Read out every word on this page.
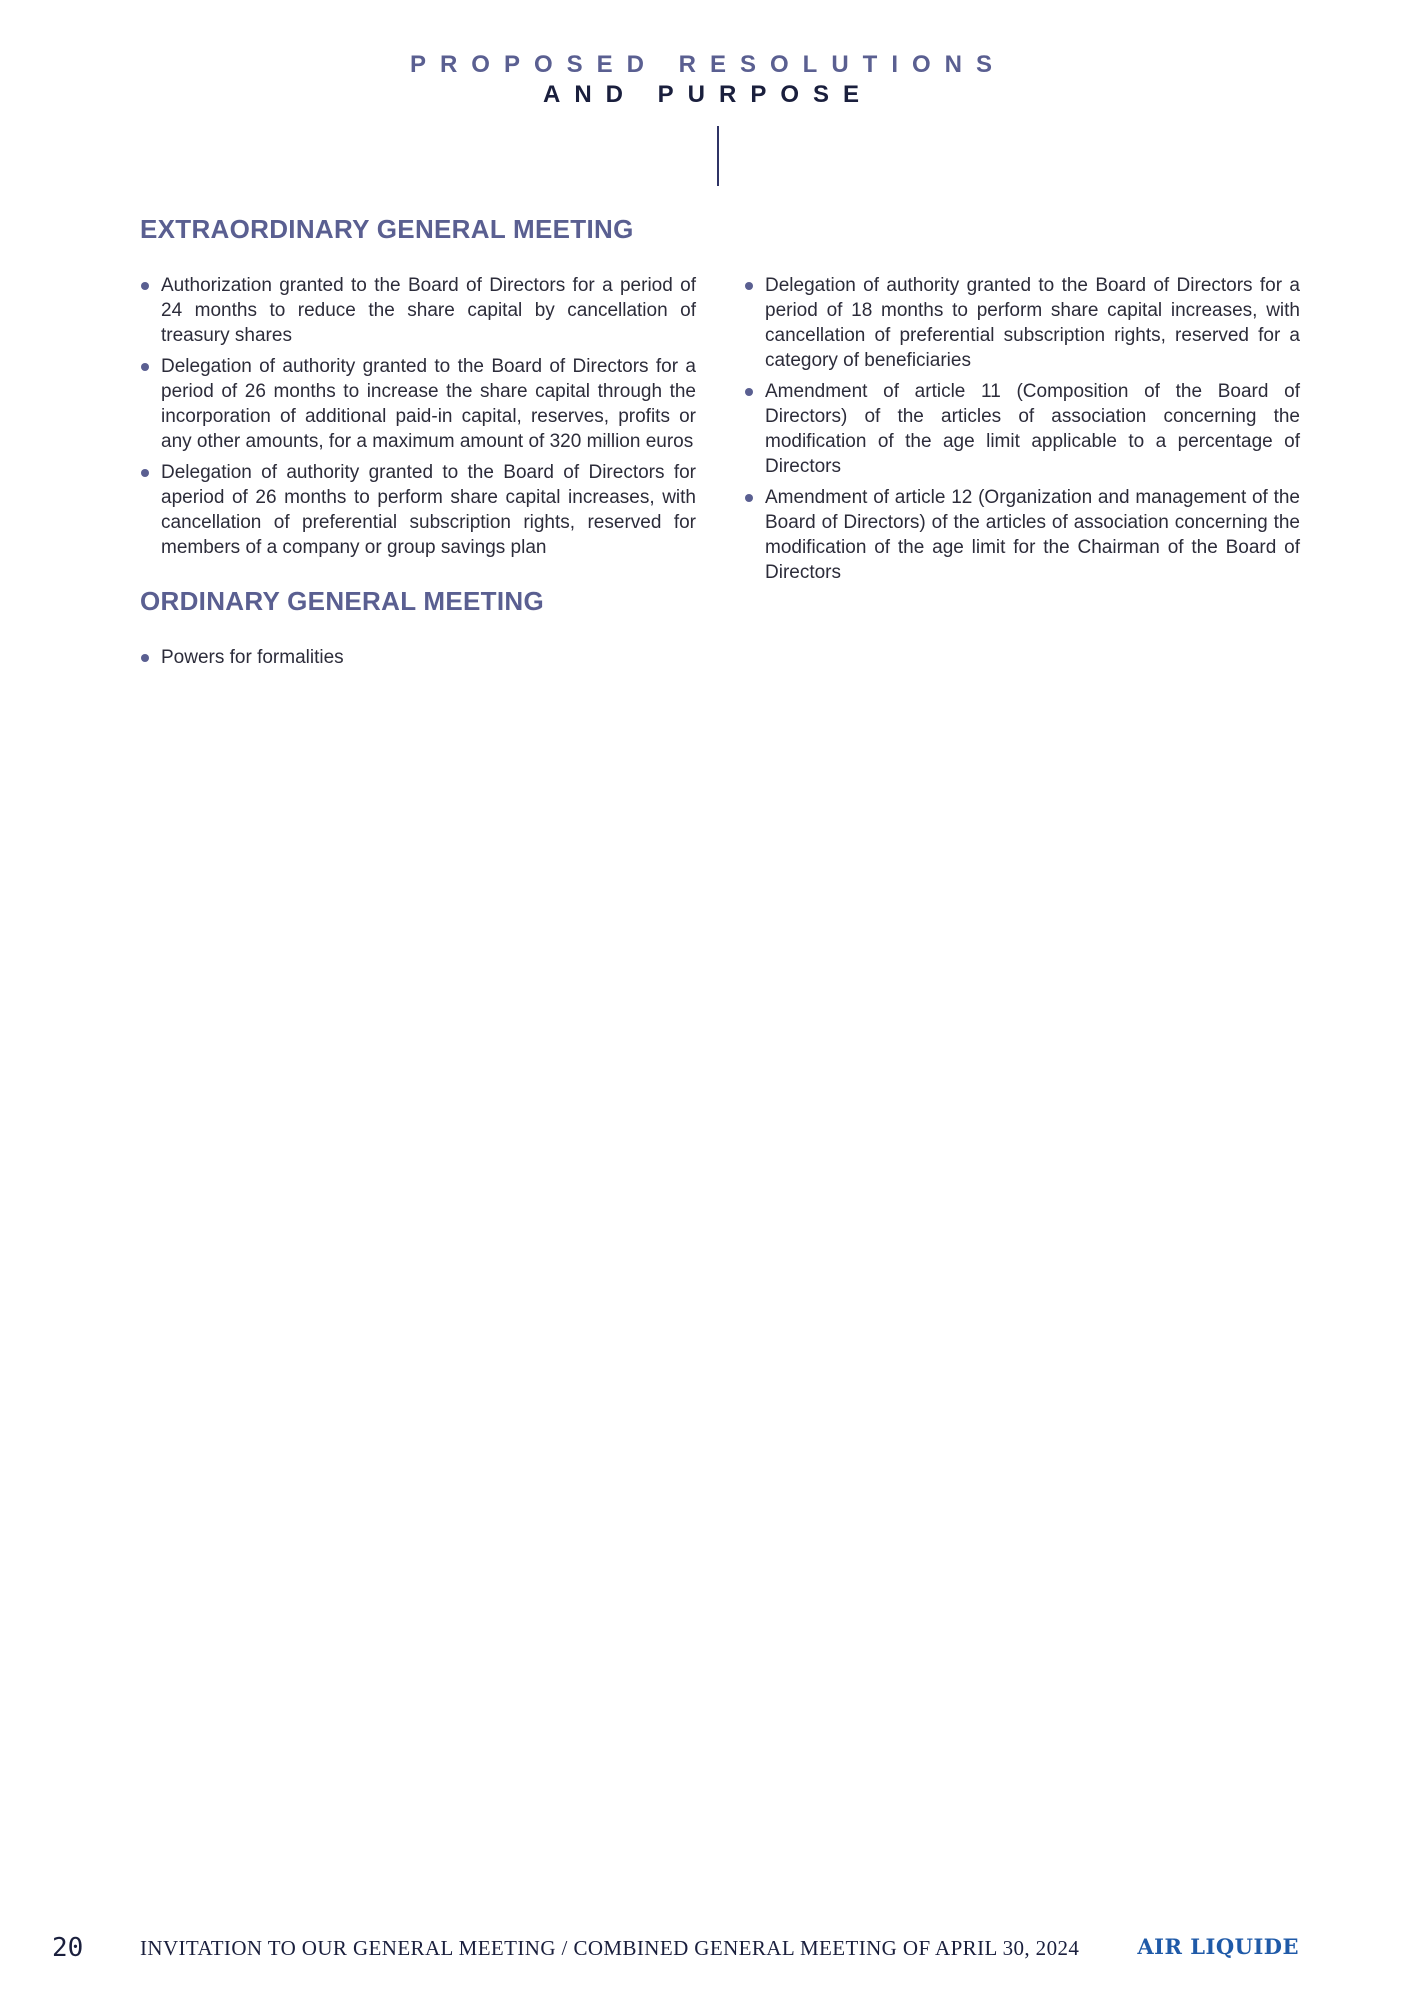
PROPOSED RESOLUTIONS
AND PURPOSE
EXTRAORDINARY GENERAL MEETING
Authorization granted to the Board of Directors for a period of 24 months to reduce the share capital by cancellation of treasury shares
Delegation of authority granted to the Board of Directors for a period of 26 months to increase the share capital through the incorporation of additional paid-in capital, reserves, profits or any other amounts, for a maximum amount of 320 million euros
Delegation of authority granted to the Board of Directors for aperiod of 26 months to perform share capital increases, with cancellation of preferential subscription rights, reserved for members of a company or group savings plan
Delegation of authority granted to the Board of Directors for a period of 18 months to perform share capital increases, with cancellation of preferential subscription rights, reserved for a category of beneficiaries
Amendment of article 11 (Composition of the Board of Directors) of the articles of association concerning the modification of the age limit applicable to a percentage of Directors
Amendment of article 12 (Organization and management of the Board of Directors) of the articles of association concerning the modification of the age limit for the Chairman of the Board of Directors
ORDINARY GENERAL MEETING
Powers for formalities
20	INVITATION TO OUR GENERAL MEETING / COMBINED GENERAL MEETING OF APRIL 30, 2024	AIR LIQUIDE
